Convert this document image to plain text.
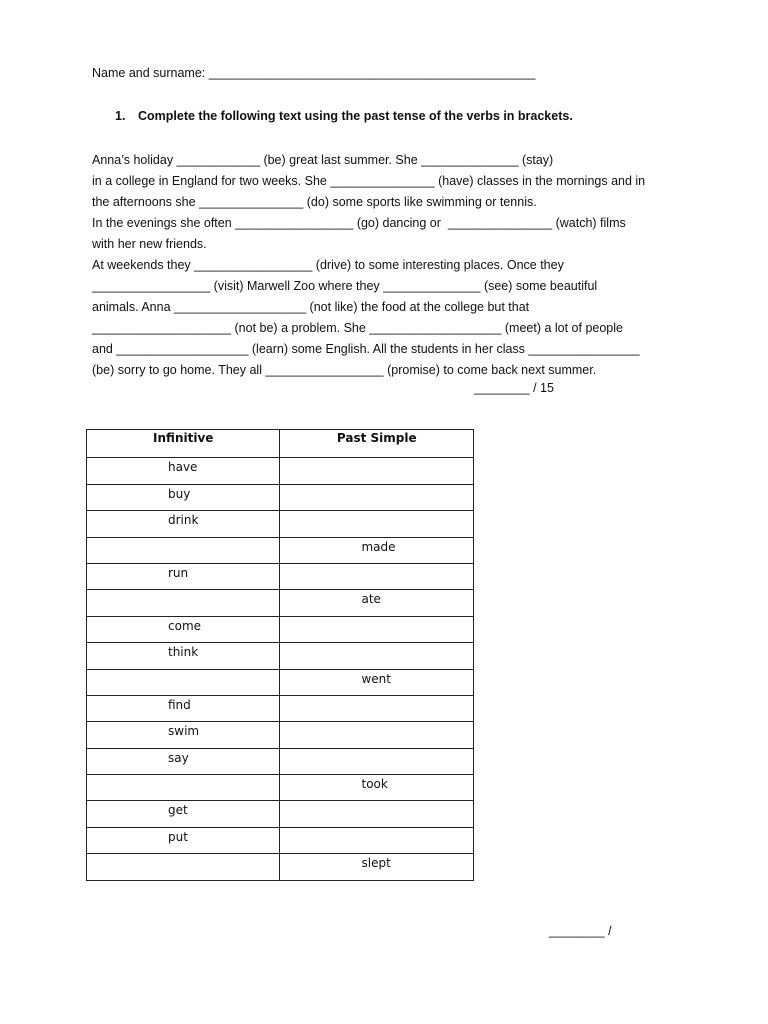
Name and surname: _______________________________________________
1. Complete the following text using the past tense of the verbs in brackets.
Anna’s holiday ____________ (be) great last summer. She ______________ (stay)
in a college in England for two weeks. She _______________ (have) classes in the mornings and in
the afternoons she _______________ (do) some sports like swimming or tennis.
In the evenings she often _________________ (go) dancing or  _______________ (watch) films
with her new friends.
At weekends they _________________ (drive) to some interesting places. Once they
_________________ (visit) Marwell Zoo where they ______________ (see) some beautiful
animals. Anna ___________________ (not like) the food at the college but that
____________________ (not be) a problem. She ___________________ (meet) a lot of people
and ___________________ (learn) some English. All the students in her class ________________
(be) sorry to go home. They all _________________ (promise) to come back next summer.
________ / 15
Infinitive	Past Simple
have	
buy	
drink	
	made
run	
	ate
come	
think	
	went
find	
swim	
say	
	took
get	
put	
	slept
________ /
